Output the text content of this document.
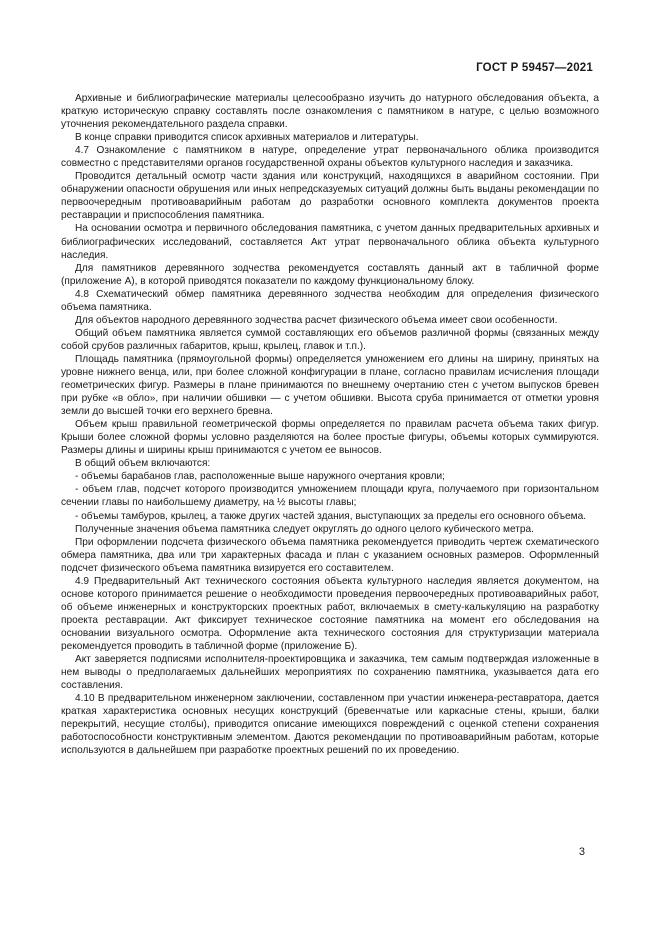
ГОСТ Р 59457—2021

Архивные и библиографические материалы целесообразно изучить до натурного обследования объекта, а краткую историческую справку составлять после ознакомления с памятником в натуре, с целью возможного уточнения рекомендательного раздела справки.

В конце справки приводится список архивных материалов и литературы.

4.7 Ознакомление с памятником в натуре, определение утрат первоначального облика производится совместно с представителями органов государственной охраны объектов культурного наследия и заказчика.

Проводится детальный осмотр части здания или конструкций, находящихся в аварийном состоянии. При обнаружении опасности обрушения или иных непредсказуемых ситуаций должны быть выданы рекомендации по первоочередным противоаварийным работам до разработки основного комплекта документов проекта реставрации и приспособления памятника.

На основании осмотра и первичного обследования памятника, с учетом данных предварительных архивных и библиографических исследований, составляется Акт утрат первоначального облика объекта культурного наследия.

Для памятников деревянного зодчества рекомендуется составлять данный акт в табличной форме (приложение А), в которой приводятся показатели по каждому функциональному блоку.

4.8 Схематический обмер памятника деревянного зодчества необходим для определения физического объема памятника.

Для объектов народного деревянного зодчества расчет физического объема имеет свои особенности.

Общий объем памятника является суммой составляющих его объемов различной формы (связанных между собой срубов различных габаритов, крыш, крылец, главок и т.п.).

Площадь памятника (прямоугольной формы) определяется умножением его длины на ширину, принятых на уровне нижнего венца, или, при более сложной конфигурации в плане, согласно правилам исчисления площади геометрических фигур. Размеры в плане принимаются по внешнему очертанию стен с учетом выпусков бревен при рубке «в обло», при наличии обшивки — с учетом обшивки. Высота сруба принимается от отметки уровня земли до высшей точки его верхнего бревна.

Объем крыш правильной геометрической формы определяется по правилам расчета объема таких фигур. Крыши более сложной формы условно разделяются на более простые фигуры, объемы которых суммируются. Размеры длины и ширины крыш принимаются с учетом ее выносов.

В общий объем включаются:

- объемы барабанов глав, расположенные выше наружного очертания кровли;

- объем глав, подсчет которого производится умножением площади круга, получаемого при горизонтальном сечении главы по наибольшему диаметру, на ½ высоты главы;

- объемы тамбуров, крылец, а также других частей здания, выступающих за пределы его основного объема.

Полученные значения объема памятника следует округлять до одного целого кубического метра.

При оформлении подсчета физического объема памятника рекомендуется приводить чертеж схематического обмера памятника, два или три характерных фасада и план с указанием основных размеров. Оформленный подсчет физического объема памятника визируется его составителем.

4.9 Предварительный Акт технического состояния объекта культурного наследия является документом, на основе которого принимается решение о необходимости проведения первоочередных противоаварийных работ, об объеме инженерных и конструкторских проектных работ, включаемых в смету-калькуляцию на разработку проекта реставрации. Акт фиксирует техническое состояние памятника на момент его обследования на основании визуального осмотра. Оформление акта технического состояния для структуризации материала рекомендуется проводить в табличной форме (приложение Б).

Акт заверяется подписями исполнителя-проектировщика и заказчика, тем самым подтверждая изложенные в нем выводы о предполагаемых дальнейших мероприятиях по сохранению памятника, указывается дата его составления.

4.10 В предварительном инженерном заключении, составленном при участии инженера-реставратора, дается краткая характеристика основных несущих конструкций (бревенчатые или каркасные стены, крыши, балки перекрытий, несущие столбы), приводится описание имеющихся повреждений с оценкой степени сохранения работоспособности конструктивным элементом. Даются рекомендации по противоаварийным работам, которые используются в дальнейшем при разработке проектных решений по их проведению.

3
